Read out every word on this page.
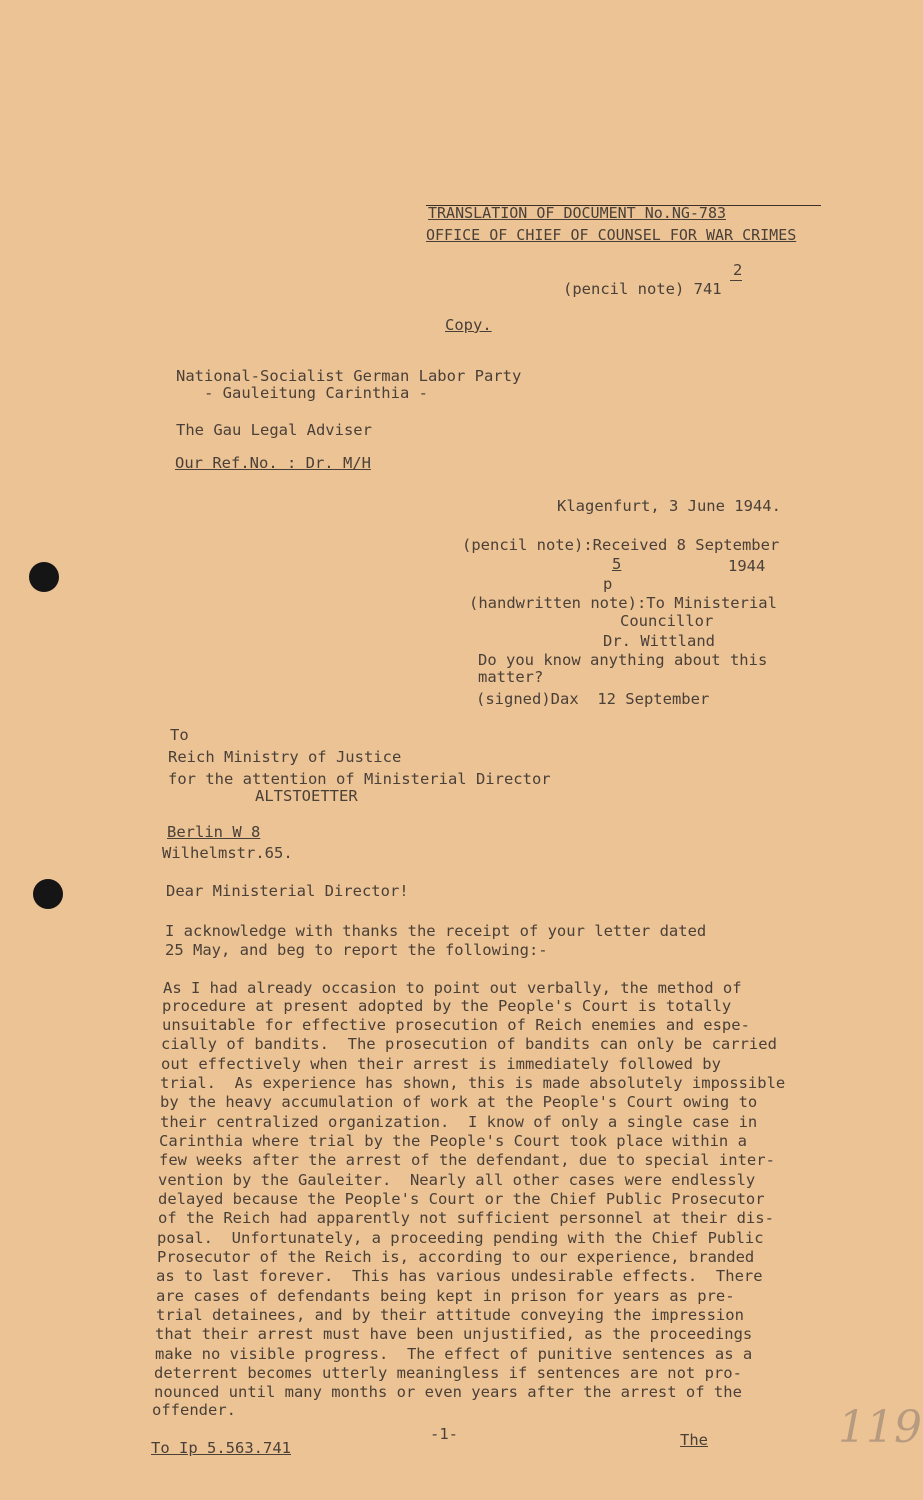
TRANSLATION OF DOCUMENT No.NG-783
OFFICE OF CHIEF OF COUNSEL FOR WAR CRIMES
(pencil note) 741
2
Copy.
National-Socialist German Labor Party
- Gauleitung Carinthia -
The Gau Legal Adviser
Our Ref.No. : Dr. M/H
Klagenfurt, 3 June 1944.
(pencil note):Received 8 September
5	1944
p
(handwritten note):To Ministerial
Councillor
Dr. Wittland
Do you know anything about this
matter?
(signed)Dax  12 September
To
Reich Ministry of Justice
for the attention of Ministerial Director
ALTSTOETTER
Berlin W 8
Wilhelmstr.65.
Dear Ministerial Director!
I acknowledge with thanks the receipt of your letter dated
25 May, and beg to report the following:-
As I had already occasion to point out verbally, the method of
procedure at present adopted by the People's Court is totally
unsuitable for effective prosecution of Reich enemies and espe-
cially of bandits.  The prosecution of bandits can only be carried
out effectively when their arrest is immediately followed by
trial.  As experience has shown, this is made absolutely impossible
by the heavy accumulation of work at the People's Court owing to
their centralized organization.  I know of only a single case in
Carinthia where trial by the People's Court took place within a
few weeks after the arrest of the defendant, due to special inter-
vention by the Gauleiter.  Nearly all other cases were endlessly
delayed because the People's Court or the Chief Public Prosecutor
of the Reich had apparently not sufficient personnel at their dis-
posal.  Unfortunately, a proceeding pending with the Chief Public
Prosecutor of the Reich is, according to our experience, branded
as to last forever.  This has various undesirable effects.  There
are cases of defendants being kept in prison for years as pre-
trial detainees, and by their attitude conveying the impression
that their arrest must have been unjustified, as the proceedings
make no visible progress.  The effect of punitive sentences as a
deterrent becomes utterly meaningless if sentences are not pro-
nounced until many months or even years after the arrest of the
offender.
-1-	The
To Ip 5.563.741	119
